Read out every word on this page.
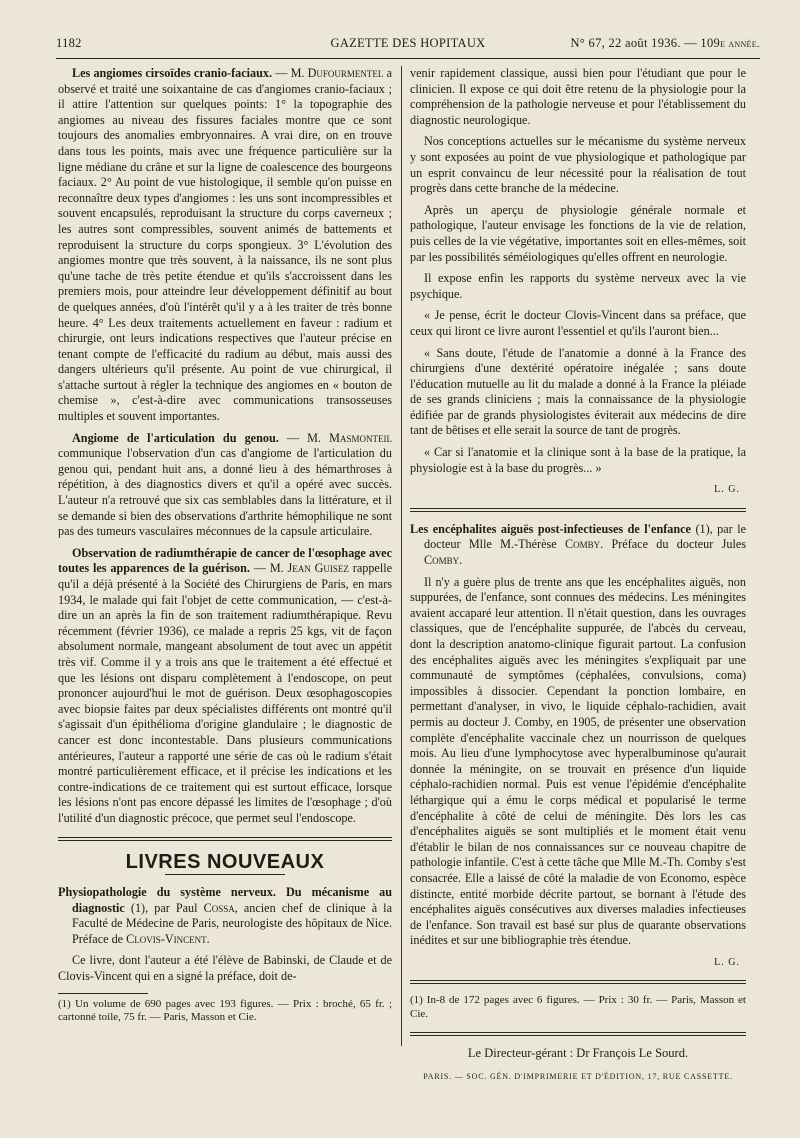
1182	GAZETTE DES HOPITAUX	N° 67, 22 août 1936. — 109e année.

Les angiomes cirsoïdes cranio-faciaux. — M. Dufourmentel a observé et traité une soixantaine de cas d'angiomes cranio-faciaux ; il attire l'attention sur quelques points: 1° la topographie des angiomes au niveau des fissures faciales montre que ce sont toujours des anomalies embryonnaires. A vrai dire, on en trouve dans tous les points, mais avec une fréquence particulière sur la ligne médiane du crâne et sur la ligne de coalescence des bourgeons faciaux. 2° Au point de vue histologique, il semble qu'on puisse en reconnaître deux types d'angiomes : les uns sont incompressibles et souvent encapsulés, reproduisant la structure du corps caverneux ; les autres sont compressibles, souvent animés de battements et reproduisent la structure du corps spongieux. 3° L'évolution des angiomes montre que très souvent, à la naissance, ils ne sont plus qu'une tache de très petite étendue et qu'ils s'accroissent dans les premiers mois, pour atteindre leur développement définitif au bout de quelques années, d'où l'intérêt qu'il y a à les traiter de très bonne heure. 4° Les deux traitements actuellement en faveur : radium et chirurgie, ont leurs indications respectives que l'auteur précise en tenant compte de l'efficacité du radium au début, mais aussi des dangers ultérieurs qu'il présente. Au point de vue chirurgical, il s'attache surtout à régler la technique des angiomes en « bouton de chemise », c'est-à-dire avec communications transosseuses multiples et souvent importantes.

Angiome de l'articulation du genou. — M. Masmonteil communique l'observation d'un cas d'angiome de l'articulation du genou qui, pendant huit ans, a donné lieu à des hémarthroses à répétition, à des diagnostics divers et qu'il a opéré avec succès. L'auteur n'a retrouvé que six cas semblables dans la littérature, et il se demande si bien des observations d'arthrite hémophilique ne sont pas des tumeurs vasculaires méconnues de la capsule articulaire.

Observation de radiumthérapie de cancer de l'œsophage avec toutes les apparences de la guérison. — M. Jean Guisez rappelle qu'il a déjà présenté à la Société des Chirurgiens de Paris, en mars 1934, le malade qui fait l'objet de cette communication, — c'est-à-dire un an après la fin de son traitement radiumthérapique. Revu récemment (février 1936), ce malade a repris 25 kgs, vit de façon absolument normale, mangeant absolument de tout avec un appétit très vif. Comme il y a trois ans que le traitement a été effectué et que les lésions ont disparu complètement à l'endoscope, on peut prononcer aujourd'hui le mot de guérison. Deux œsophagoscopies avec biopsie faites par deux spécialistes différents ont montré qu'il s'agissait d'un épithélioma d'origine glandulaire ; le diagnostic de cancer est donc incontestable. Dans plusieurs communications antérieures, l'auteur a rapporté une série de cas où le radium s'était montré particulièrement efficace, et il précise les indications et les contre-indications de ce traitement qui est surtout efficace, lorsque les lésions n'ont pas encore dépassé les limites de l'œsophage ; d'où l'utilité d'un diagnostic précoce, que permet seul l'endoscope.

LIVRES NOUVEAUX

Physiopathologie du système nerveux. Du mécanisme au diagnostic (1), par Paul Cossa, ancien chef de clinique à la Faculté de Médecine de Paris, neurologiste des hôpitaux de Nice. Préface de Clovis-Vincent.

Ce livre, dont l'auteur a été l'élève de Babinski, de Claude et de Clovis-Vincent qui en a signé la préface, doit de-

(1) Un volume de 690 pages avec 193 figures. — Prix : broché, 65 fr. ; cartonné toile, 75 fr. — Paris, Masson et Cie.

venir rapidement classique, aussi bien pour l'étudiant que pour le clinicien. Il expose ce qui doit être retenu de la physiologie pour la compréhension de la pathologie nerveuse et pour l'établissement du diagnostic neurologique.

Nos conceptions actuelles sur le mécanisme du système nerveux y sont exposées au point de vue physiologique et pathologique par un esprit convaincu de leur nécessité pour la réalisation de tout progrès dans cette branche de la médecine.

Après un aperçu de physiologie générale normale et pathologique, l'auteur envisage les fonctions de la vie de relation, puis celles de la vie végétative, importantes soit en elles-mêmes, soit par les possibilités séméiologiques qu'elles offrent en neurologie.

Il expose enfin les rapports du système nerveux avec la vie psychique.

« Je pense, écrit le docteur Clovis-Vincent dans sa préface, que ceux qui liront ce livre auront l'essentiel et qu'ils l'auront bien...

« Sans doute, l'étude de l'anatomie a donné à la France des chirurgiens d'une dextérité opératoire inégalée ; sans doute l'éducation mutuelle au lit du malade a donné à la France la pléiade de ses grands cliniciens ; mais la connaissance de la physiologie édifiée par de grands physiologistes éviterait aux médecins de dire tant de bêtises et elle serait la source de tant de progrès.

« Car si l'anatomie et la clinique sont à la base de la pratique, la physiologie est à la base du progrès... »

L. G.

Les encéphalites aiguës post-infectieuses de l'enfance (1), par le docteur Mlle M.-Thérèse Comby. Préface du docteur Jules Comby.

Il n'y a guère plus de trente ans que les encéphalites aiguës, non suppurées, de l'enfance, sont connues des médecins. Les méningites avaient accaparé leur attention. Il n'était question, dans les ouvrages classiques, que de l'encéphalite suppurée, de l'abcès du cerveau, dont la description anatomo-clinique figurait partout. La confusion des encéphalites aiguës avec les méningites s'expliquait par une communauté de symptômes (céphalées, convulsions, coma) impossibles à dissocier. Cependant la ponction lombaire, en permettant d'analyser, in vivo, le liquide céphalo-rachidien, avait permis au docteur J. Comby, en 1905, de présenter une observation complète d'encéphalite vaccinale chez un nourrisson de quelques mois. Au lieu d'une lymphocytose avec hyperalbuminose qu'aurait donnée la méningite, on se trouvait en présence d'un liquide céphalo-rachidien normal. Puis est venue l'épidémie d'encéphalite léthargique qui a ému le corps médical et popularisé le terme d'encéphalite à côté de celui de méningite. Dès lors les cas d'encéphalites aiguës se sont multipliés et le moment était venu d'établir le bilan de nos connaissances sur ce nouveau chapitre de pathologie infantile. C'est à cette tâche que Mlle M.-Th. Comby s'est consacrée. Elle a laissé de côté la maladie de von Economo, espèce distincte, entité morbide décrite partout, se bornant à l'étude des encéphalites aiguës consécutives aux diverses maladies infectieuses de l'enfance. Son travail est basé sur plus de quarante observations inédites et sur une bibliographie très étendue.

L. G.

(1) In-8 de 172 pages avec 6 figures. — Prix : 30 fr. — Paris, Masson et Cie.

Le Directeur-gérant : Dr François Le Sourd.
PARIS. — SOC. GÉN. D'IMPRIMERIE ET D'ÉDITION, 17, RUE CASSETTE.
